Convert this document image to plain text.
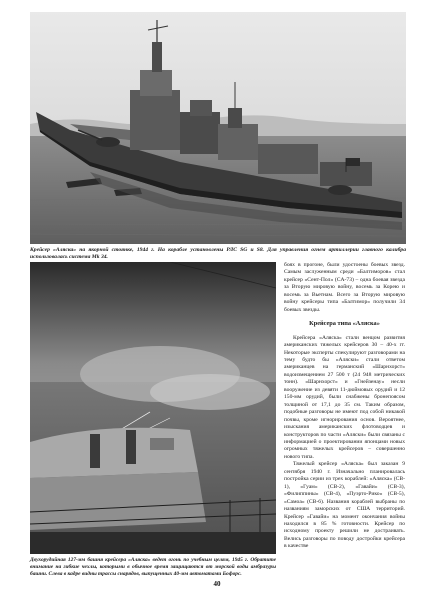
Крейсер «Аляска» на якорной стоянке, 1944 г. На корабле установлены РЛС SG и S8. Для управления огнем артиллерии главного калибра использовалась система Mk 34.
Двухорудийная 127-мм башня крейсера «Аляска» ведет огонь по учебным целям, 1945 г. Обратите внимание на гибкие чехлы, которыми в обычное время защищаются от морской воды амбразуры башни. Слева в кадре видны трассы снарядов, выпущенных 40-мм автоматами Бофорс.

боях в прогоне, были удостоены боевых звезд. Самым заслуженным среди «Балтиморов» стал крейсер «Сент-Пол» (CA-73) – одна боевая звезда за Вторую мировую войну, восемь за Корею и восемь за Вьетнам. Всего за Вторую мировую войну крейсеры типа «Балтимор» получили 34 боевых звезды.

Крейсера типа «Аляска»

Крейсера «Аляска» стали венцом развития американских тяжелых крейсеров 30 – 40-х гг. Некоторые эксперты спекулируют разговорами на тему будто бы «Аляски» стали ответом американцев на германский «Шарнхорст» водоизмещением 27 500 т (24 948 метрических тонн). «Шарнхорст» и «Гнейзенау» несли вооружение из девяти 11-дюймовых орудий и 12 150-мм орудий, были снабжены бронепоясом толщиной от 17,1 до 35 см. Таким образом, подобные разговоры не имеют под собой никакой почвы, кроме игнорирования основ. Вероятнее, изыскания американских флотоводцев и конструкторов по части «Аляски» были связаны с информацией о проектировании японцами новых огромных тяжелых крейсеров – совершенно нового типа.

Тяжелый крейсер «Аляска» был заказан 9 сентября 1940 г. Изначально планировалась постройка серии из трех кораблей: «Аляска» (CB-1), «Гуам» (CB-2), «Гавайи» (CB-3), «Филиппины» (CB-4), «Пуэрто-Рико» (CB-5), «Самоа» (CB-6). Названия кораблей выбраны по названиям заморских от США территорий. Крейсер «Гавайи» на момент окончания войны находился в 85 % готовности. Крейсер по исходному проекту решили не достраивать. Велись разговоры по поводу достройки крейсера в качестве

40
